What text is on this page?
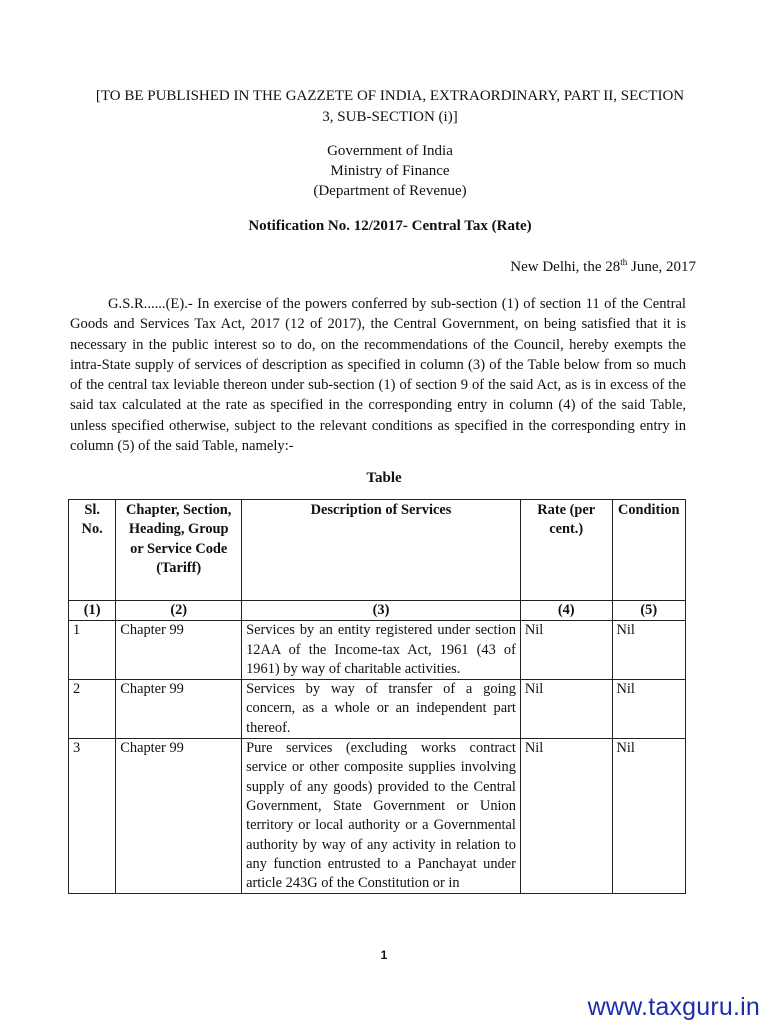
[TO BE PUBLISHED IN THE GAZZETE OF INDIA, EXTRAORDINARY, PART II, SECTION
3, SUB-SECTION (i)]
Government of India
Ministry of Finance
(Department of Revenue)
Notification No. 12/2017- Central Tax (Rate)
New Delhi, the 28th June, 2017
G.S.R......(E).- In exercise of the powers conferred by sub-section (1) of section 11 of the Central Goods and Services Tax Act, 2017 (12 of 2017), the Central Government, on being satisfied that it is necessary in the public interest so to do, on the recommendations of the Council, hereby exempts the intra-State supply of services of description as specified in column (3) of the Table below from so much of the central tax leviable thereon under sub-section (1) of section 9 of the said Act, as is in excess of the said tax calculated at the rate as specified in the corresponding entry in column (4) of the said Table, unless specified otherwise, subject to the relevant conditions as specified in the corresponding entry in column (5) of the said Table, namely:-
Table
Sl. No.	Chapter, Section, Heading, Group or Service Code (Tariff)	Description of Services	Rate (per cent.)	Condition
(1)	(2)	(3)	(4)	(5)
1	Chapter 99	Services by an entity registered under section 12AA of the Income-tax Act, 1961 (43 of 1961) by way of charitable activities.	Nil	Nil
2	Chapter 99	Services by way of transfer of a going concern, as a whole or an independent part thereof.	Nil	Nil
3	Chapter 99	Pure services (excluding works contract service or other composite supplies involving supply of any goods) provided to the Central Government, State Government or Union territory or local authority or a Governmental authority by way of any activity in relation to any function entrusted to a Panchayat under article 243G of the Constitution or in	Nil	Nil
1
www.taxguru.in
